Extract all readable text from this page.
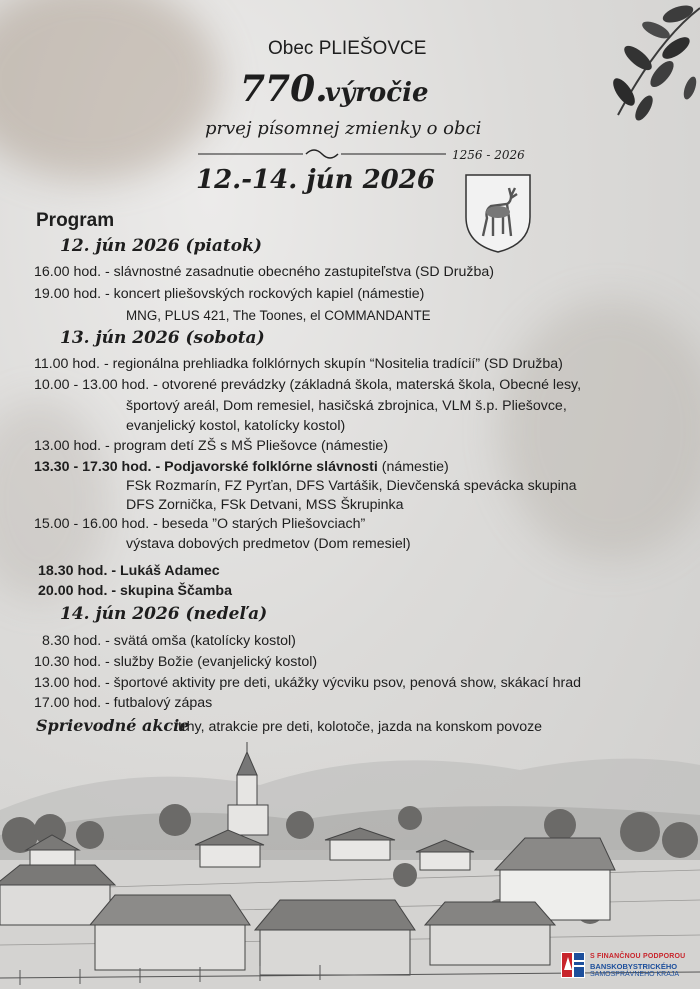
Obec PLIEŠOVCE
770.
výročie
prvej písomnej zmienky o obci
1256 - 2026
12.-14. jún 2026
Program
12. jún 2026 (piatok)
16.00 hod. - slávnostné zasadnutie obecného zastupiteľstva (SD Družba)
19.00 hod. - koncert pliešovských rockových kapiel (námestie)
MNG, PLUS 421, The Toones, el COMMANDANTE
13. jún 2026 (sobota)
11.00 hod. - regionálna prehliadka folklórnych skupín “Nositelia tradícií” (SD Družba)
10.00 - 13.00 hod. - otvorené prevádzky (základná škola, materská škola, Obecné lesy,
športový areál, Dom remesiel, hasičská zbrojnica, VLM š.p. Pliešovce,
evanjelický kostol, katolícky kostol)
13.00 hod. - program detí ZŠ s MŠ Pliešovce (námestie)
13.30 - 17.30 hod. - Podjavorské folklórne slávnosti (námestie)
FSk Rozmarín, FZ Pyrťan, DFS Vartášik, Dievčenská spevácka skupina
DFS Zornička, FSk Detvani, MSS Škrupinka
15.00 - 16.00 hod. - beseda ”O starých Pliešovciach”
výstava dobových predmetov (Dom remesiel)
18.30 hod. - Lukáš Adamec
20.00 hod. - skupina Ščamba
14. jún 2026 (nedeľa)
8.30 hod. - svätá omša (katolícky kostol)
10.30 hod. - služby Božie (evanjelický kostol)
13.00 hod. - športové aktivity pre deti, ukážky výcviku psov, penová show, skákací hrad
17.00 hod. - futbalový zápas
Sprievodné akcie
trhy, atrakcie pre deti, kolotoče, jazda na konskom povoze
S FINANČNOU PODPOROU
BANSKOBYSTRICKÉHO
SAMOSPRÁVNEHO KRAJA
